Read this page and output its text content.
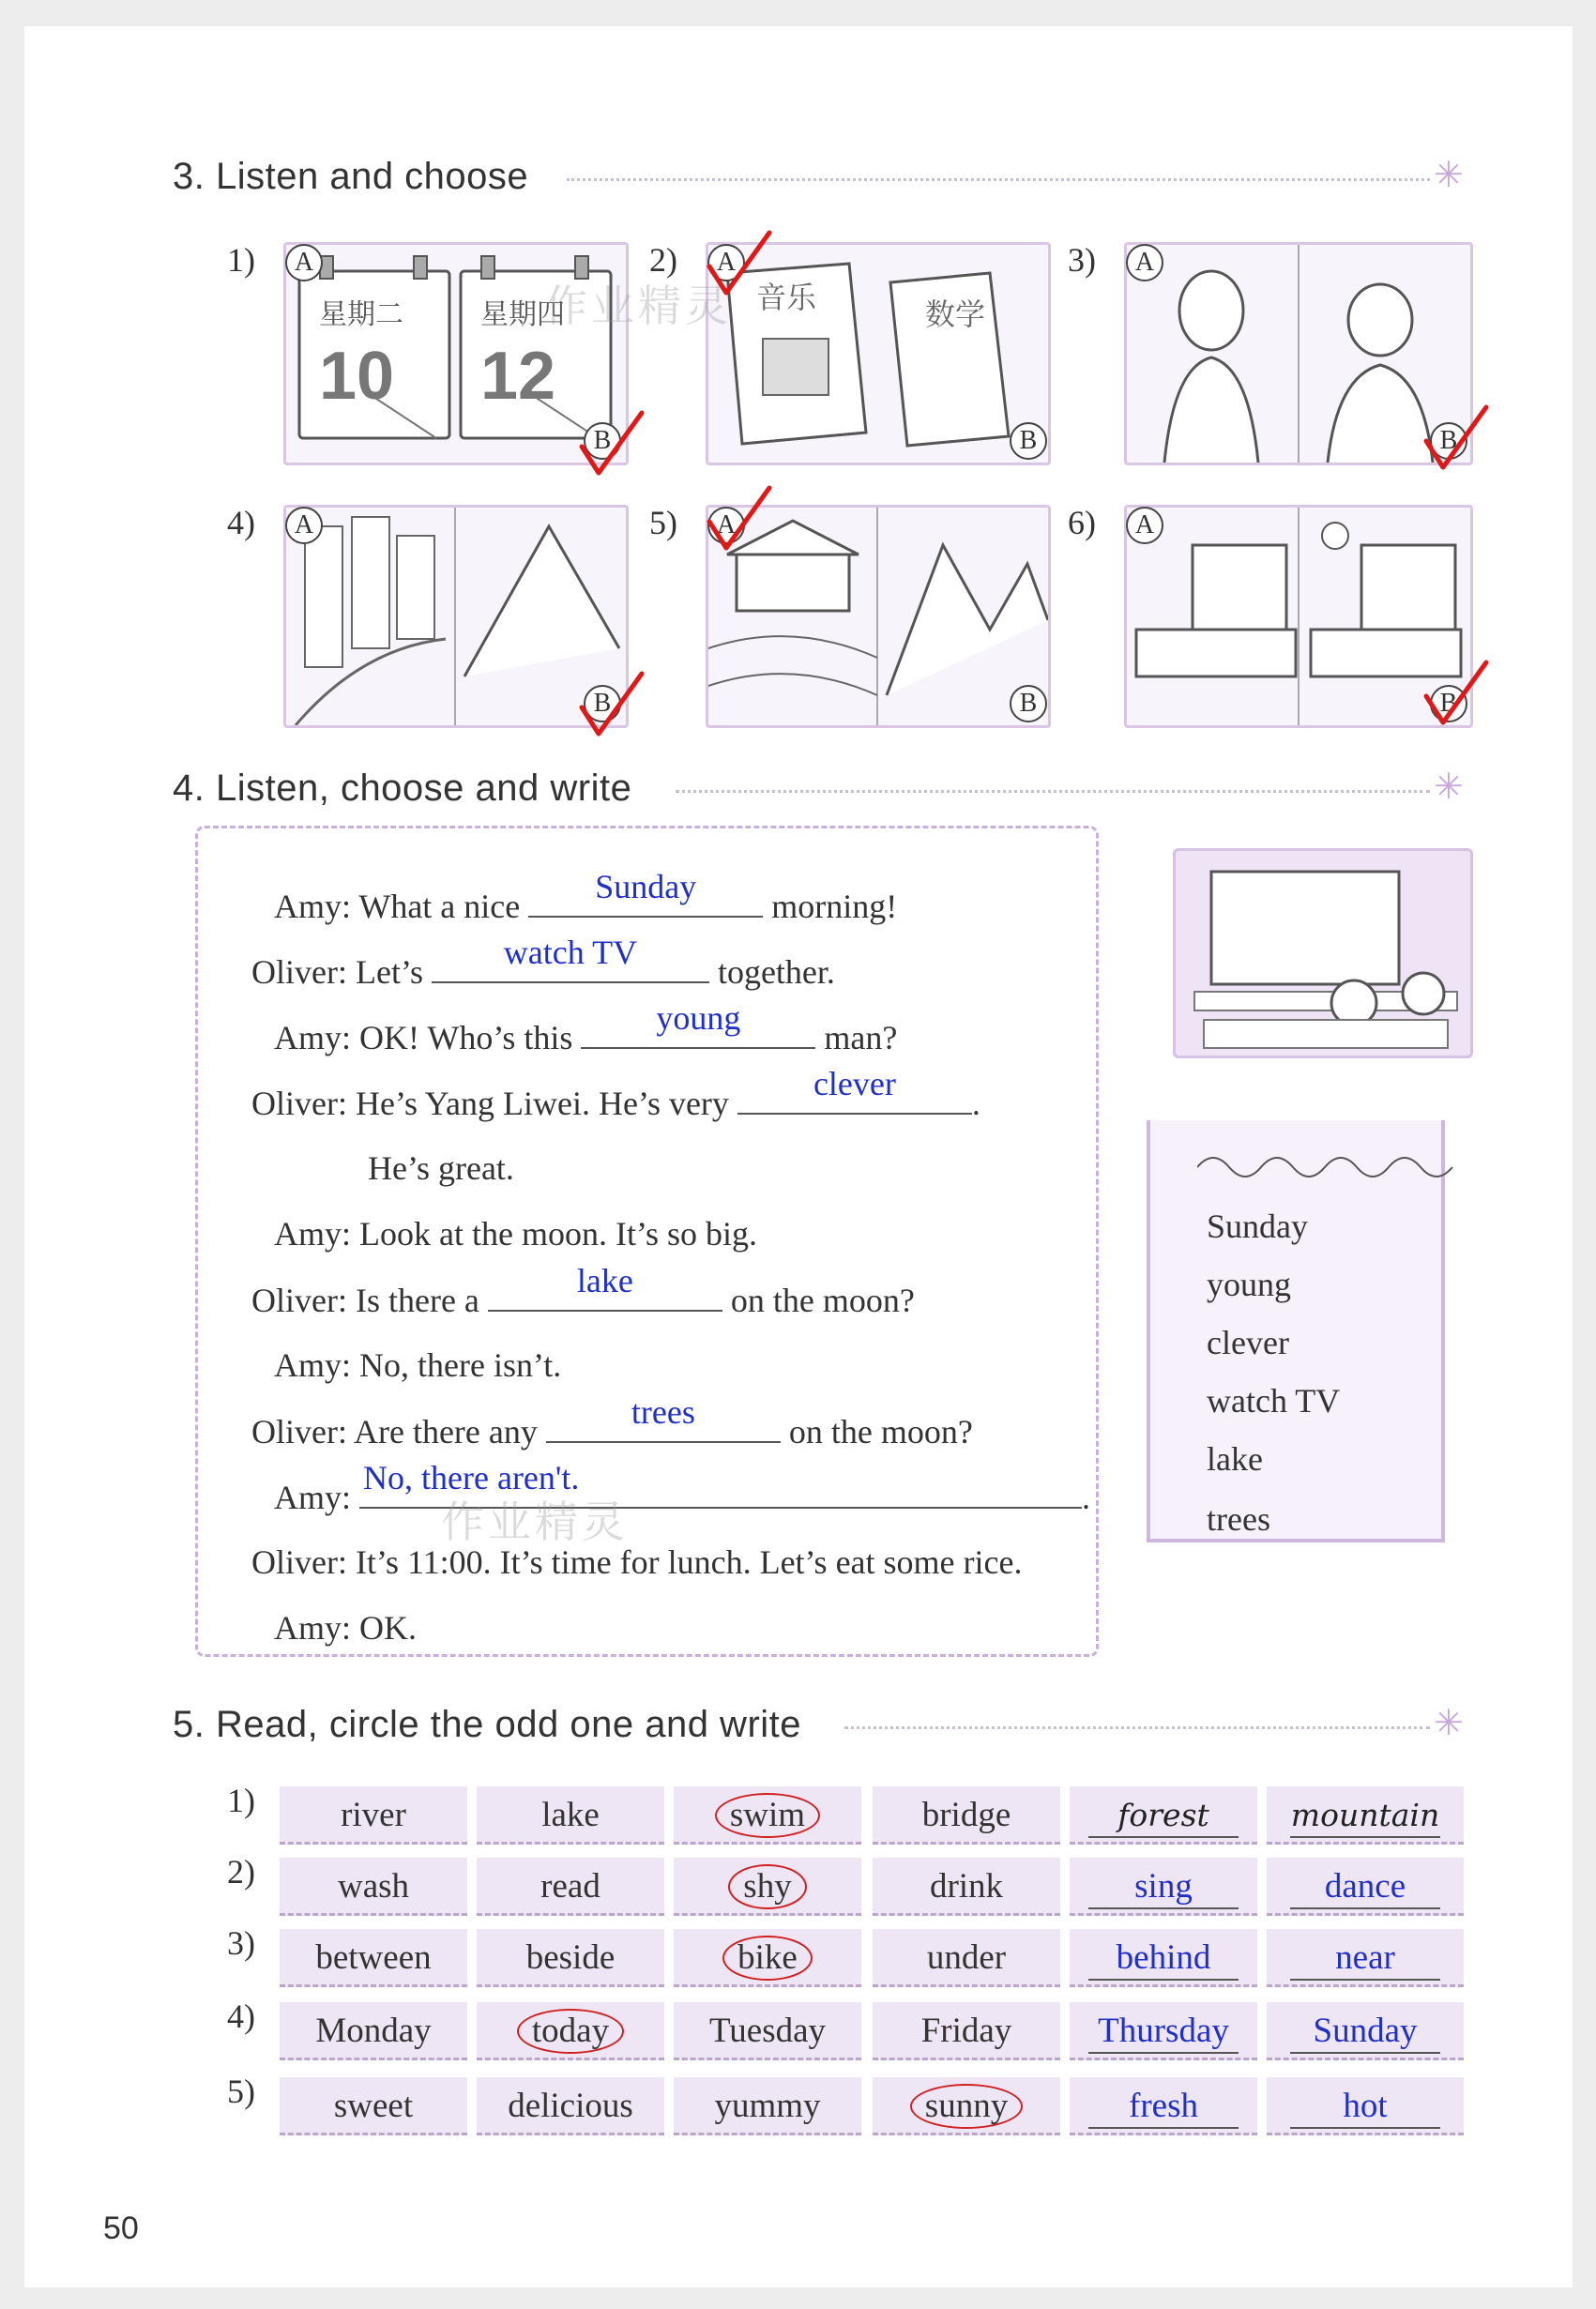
3. Listen and choose	✳
1)	2)	3)
4)	5)	6)
星期二
10
星期四
12
音乐	数学
A
B
A
B
A
B
A
B
A
B
A
B
作业精灵
4. Listen, choose and write	✳
Amy: What a nice
Sunday
morning!
Oliver: Let’s
watch TV
together.
Amy: OK! Who’s this
young
man?
Oliver: He’s Yang Liwei. He’s very
clever
.
He’s great.
Amy: Look at the moon. It’s so big.
Oliver: Is there a
lake
on the moon?
Amy: No, there isn’t.
Oliver: Are there any
trees
on the moon?
Amy:
No, there aren't.
.
Oliver: It’s 11:00. It’s time for lunch. Let’s eat some rice.
Amy: OK.
作业精灵
Sunday
young
clever
watch TV
lake
trees
5. Read, circle the odd one and write	✳
1)	river	lake	swim	bridge	forest	mountain
2)	wash	read	shy	drink	sing	dance
3)	between	beside	bike	under	behind	near
4)	Monday	today	Tuesday	Friday	Thursday	Sunday
5)	sweet	delicious	yummy	sunny	fresh	hot
50
